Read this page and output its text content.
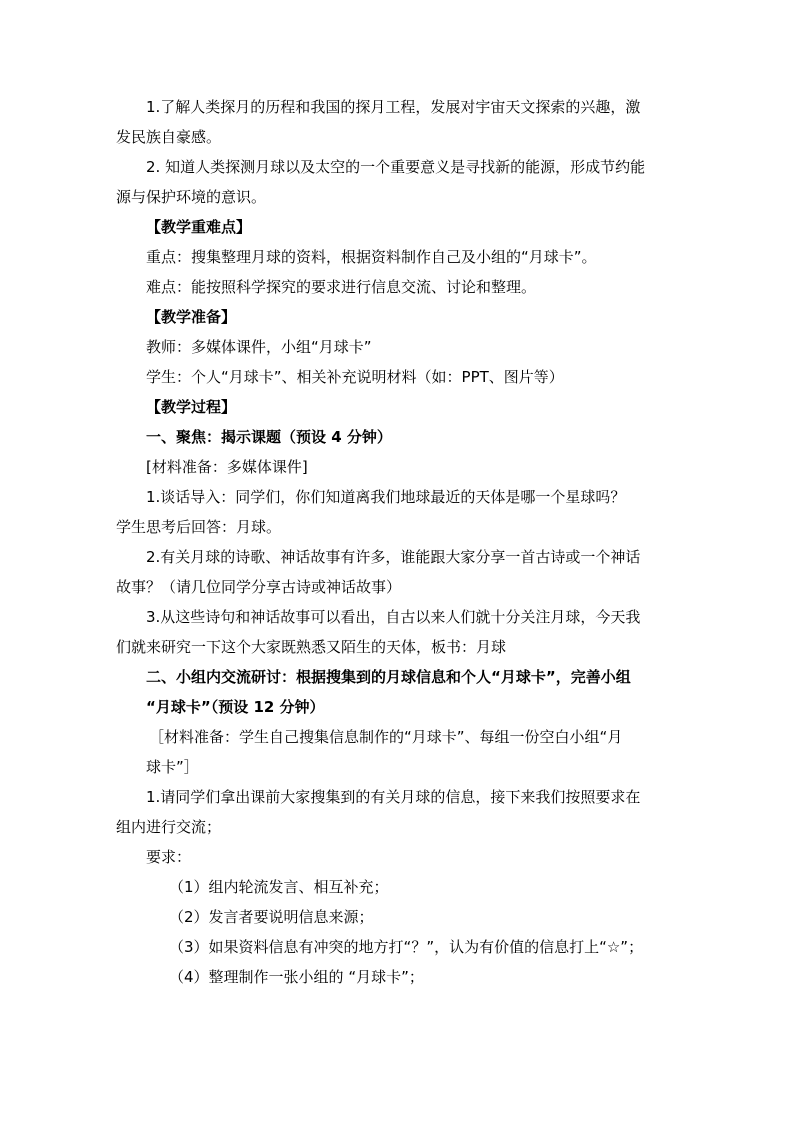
1.了解人类探月的历程和我国的探月工程，发展对宇宙天文探索的兴趣，激
发民族自豪感。
2. 知道人类探测月球以及太空的一个重要意义是寻找新的能源，形成节约能
源与保护环境的意识。
【教学重难点】
重点：搜集整理月球的资料，根据资料制作自己及小组的“月球卡”。
难点：能按照科学探究的要求进行信息交流、讨论和整理。
【教学准备】
教师：多媒体课件，小组“月球卡”
学生：个人“月球卡”、相关补充说明材料（如：PPT、图片等）
【教学过程】
一、聚焦：揭示课题（预设 4 分钟）
[材料准备：多媒体课件]
1.谈话导入：同学们，你们知道离我们地球最近的天体是哪一个星球吗？
学生思考后回答：月球。
2.有关月球的诗歌、神话故事有许多，谁能跟大家分享一首古诗或一个神话
故事？（请几位同学分享古诗或神话故事）
3.从这些诗句和神话故事可以看出，自古以来人们就十分关注月球，今天我
们就来研究一下这个大家既熟悉又陌生的天体，板书：月球
二、小组内交流研讨：根据搜集到的月球信息和个人“月球卡”，完善小组
“月球卡”（预设 12 分钟）
［材料准备：学生自己搜集信息制作的“月球卡”、每组一份空白小组“月
球卡”］
1.请同学们拿出课前大家搜集到的有关月球的信息，接下来我们按照要求在
组内进行交流；
要求：
（1）组内轮流发言、相互补充；
（2）发言者要说明信息来源；
（3）如果资料信息有冲突的地方打“？”，认为有价值的信息打上“☆”；
（4）整理制作一张小组的 “月球卡”；
